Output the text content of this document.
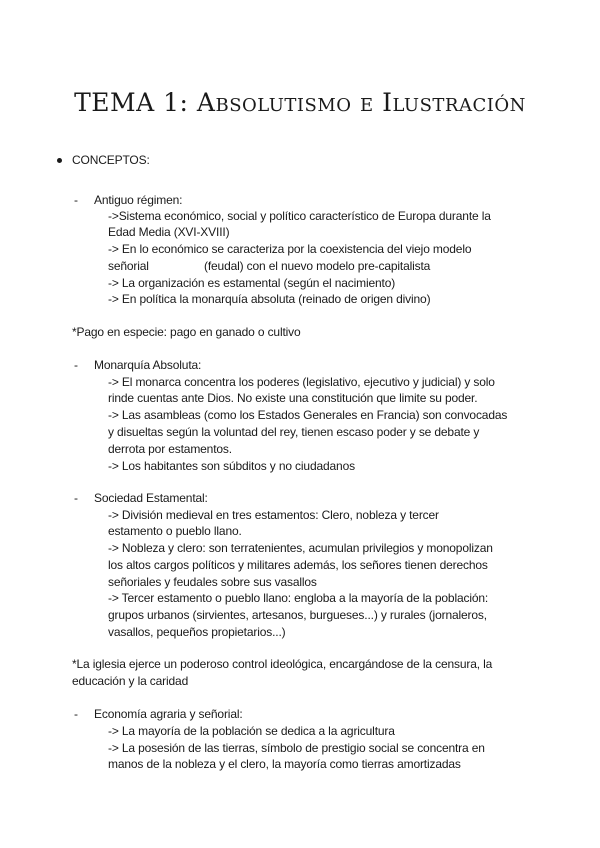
TEMA 1: Absolutismo e Ilustración
CONCEPTOS:
- Antiguo régimen:
->Sistema económico, social y político característico de Europa durante la
Edad Media (XVI-XVIII)
-> En lo económico se caracteriza por la coexistencia del viejo modelo
señorial	(feudal) con el nuevo modelo pre-capitalista
-> La organización es estamental (según el nacimiento)
-> En política la monarquía absoluta (reinado de origen divino)
*Pago en especie: pago en ganado o cultivo
- Monarquía Absoluta:
-> El monarca concentra los poderes (legislativo, ejecutivo y judicial) y solo
rinde cuentas ante Dios. No existe una constitución que limite su poder.
-> Las asambleas (como los Estados Generales en Francia) son convocadas
y disueltas según la voluntad del rey, tienen escaso poder y se debate y
derrota por estamentos.
-> Los habitantes son súbditos y no ciudadanos
- Sociedad Estamental:
-> División medieval en tres estamentos: Clero, nobleza y tercer
estamento o pueblo llano.
-> Nobleza y clero: son terratenientes, acumulan privilegios y monopolizan
los altos cargos políticos y militares además, los señores tienen derechos
señoriales y feudales sobre sus vasallos
-> Tercer estamento o pueblo llano: engloba a la mayoría de la población:
grupos urbanos (sirvientes, artesanos, burgueses...) y rurales (jornaleros,
vasallos, pequeños propietarios...)
*La iglesia ejerce un poderoso control ideológica, encargándose de la censura, la
educación y la caridad
- Economía agraria y señorial:
-> La mayoría de la población se dedica a la agricultura
-> La posesión de las tierras, símbolo de prestigio social se concentra en
manos de la nobleza y el clero, la mayoría como tierras amortizadas
